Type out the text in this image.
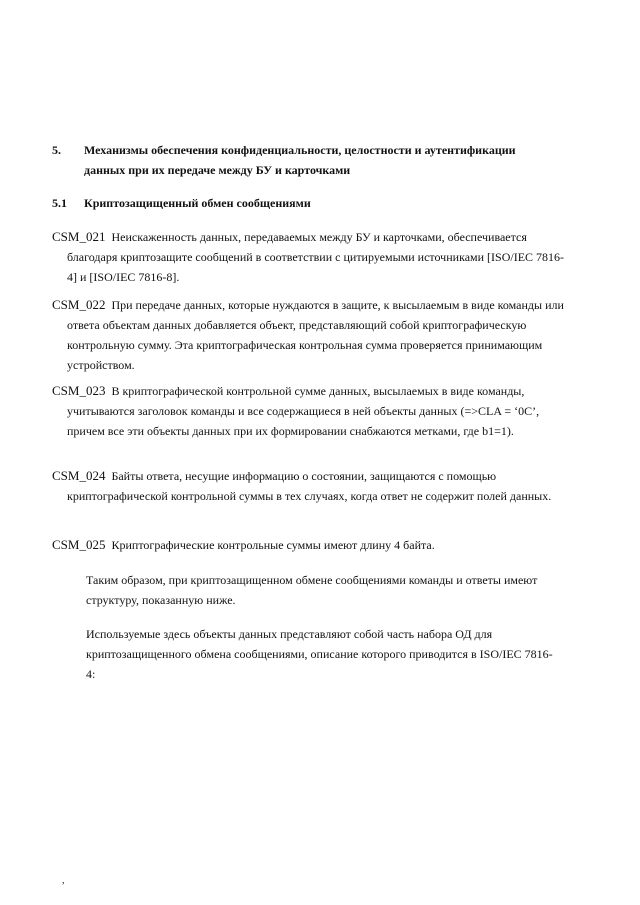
5.	Механизмы обеспечения конфиденциальности, целостности и аутентификации данных при их передаче между БУ и карточками
5.1	Криптозащищенный обмен сообщениями
CSM_021 Неискаженность данных, передаваемых между БУ и карточками, обеспечивается благодаря криптозащите сообщений в соответствии с цитируемыми источниками [ISO/IEC 7816-4] и [ISO/IEC 7816-8].
CSM_022 При передаче данных, которые нуждаются в защите, к высылаемым в виде команды или ответа объектам данных добавляется объект, представляющий собой криптографическую контрольную сумму. Эта криптографическая контрольная сумма проверяется принимающим устройством.
CSM_023 В криптографической контрольной сумме данных, высылаемых в виде команды, учитываются заголовок команды и все содержащиеся в ней объекты данных (=>CLA = ‘0C’, причем все эти объекты данных при их формировании снабжаются метками, где b1=1).
CSM_024 Байты ответа, несущие информацию о состоянии, защищаются с помощью криптографической контрольной суммы в тех случаях, когда ответ не содержит полей данных.
CSM_025 Криптографические контрольные суммы имеют длину 4 байта.
Таким образом, при криптозащищенном обмене сообщениями команды и ответы имеют структуру, показанную ниже.
Используемые здесь объекты данных представляют собой часть набора ОД для криптозащищенного обмена сообщениями, описание которого приводится в ISO/IEC 7816-4:
,
